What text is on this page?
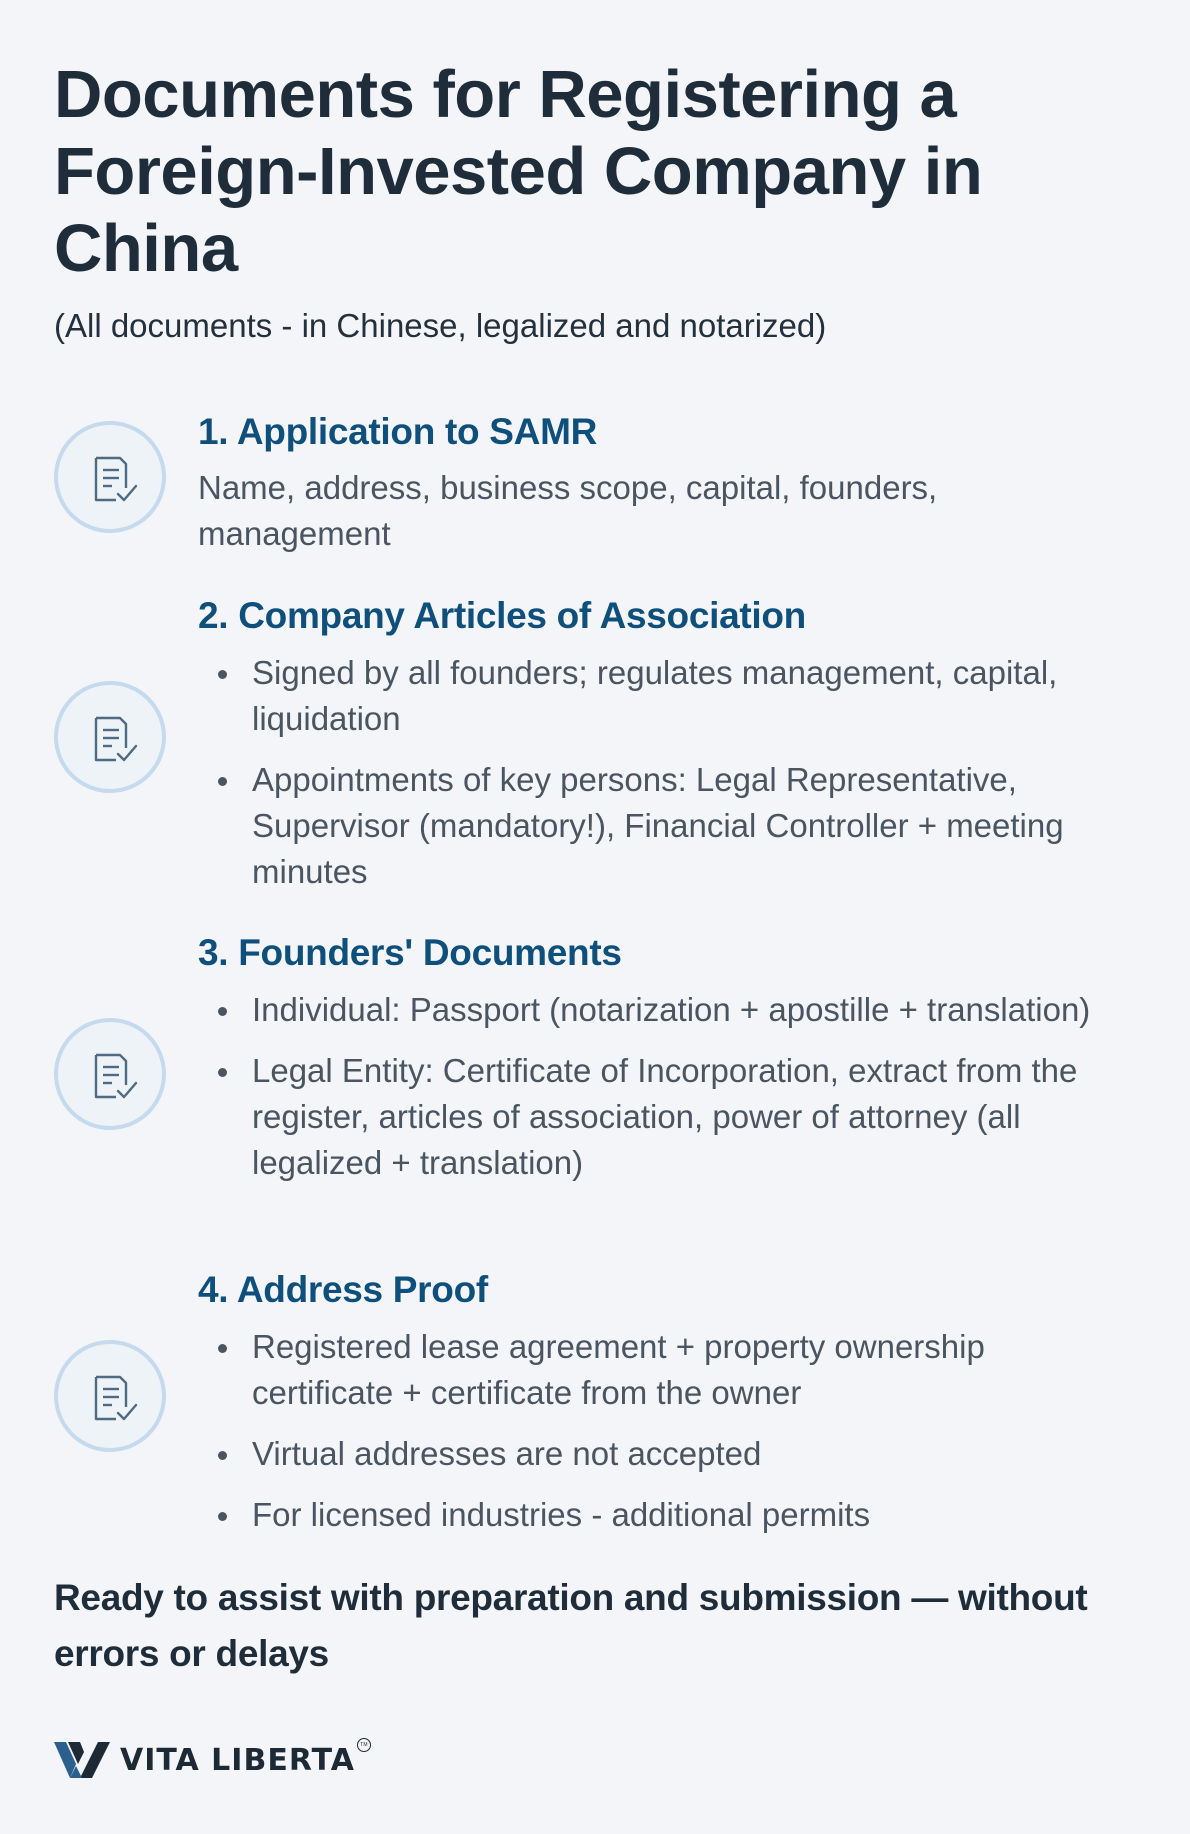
Documents for Registering a Foreign-Invested Company in China

(All documents - in Chinese, legalized and notarized)

1. Application to SAMR

Name, address, business scope, capital, founders, management

2. Company Articles of Association
Signed by all founders; regulates management, capital, liquidation
Appointments of key persons: Legal Representative, Supervisor (mandatory!), Financial Controller + meeting minutes
3. Founders' Documents
Individual: Passport (notarization + apostille + translation)
Legal Entity: Certificate of Incorporation, extract from the register, articles of association, power of attorney (all legalized + translation)
4. Address Proof
Registered lease agreement + property ownership certificate + certificate from the owner
Virtual addresses are not accepted
For licensed industries - additional permits

Ready to assist with preparation and submission — without errors or delays

VITA LIBERTA TM
